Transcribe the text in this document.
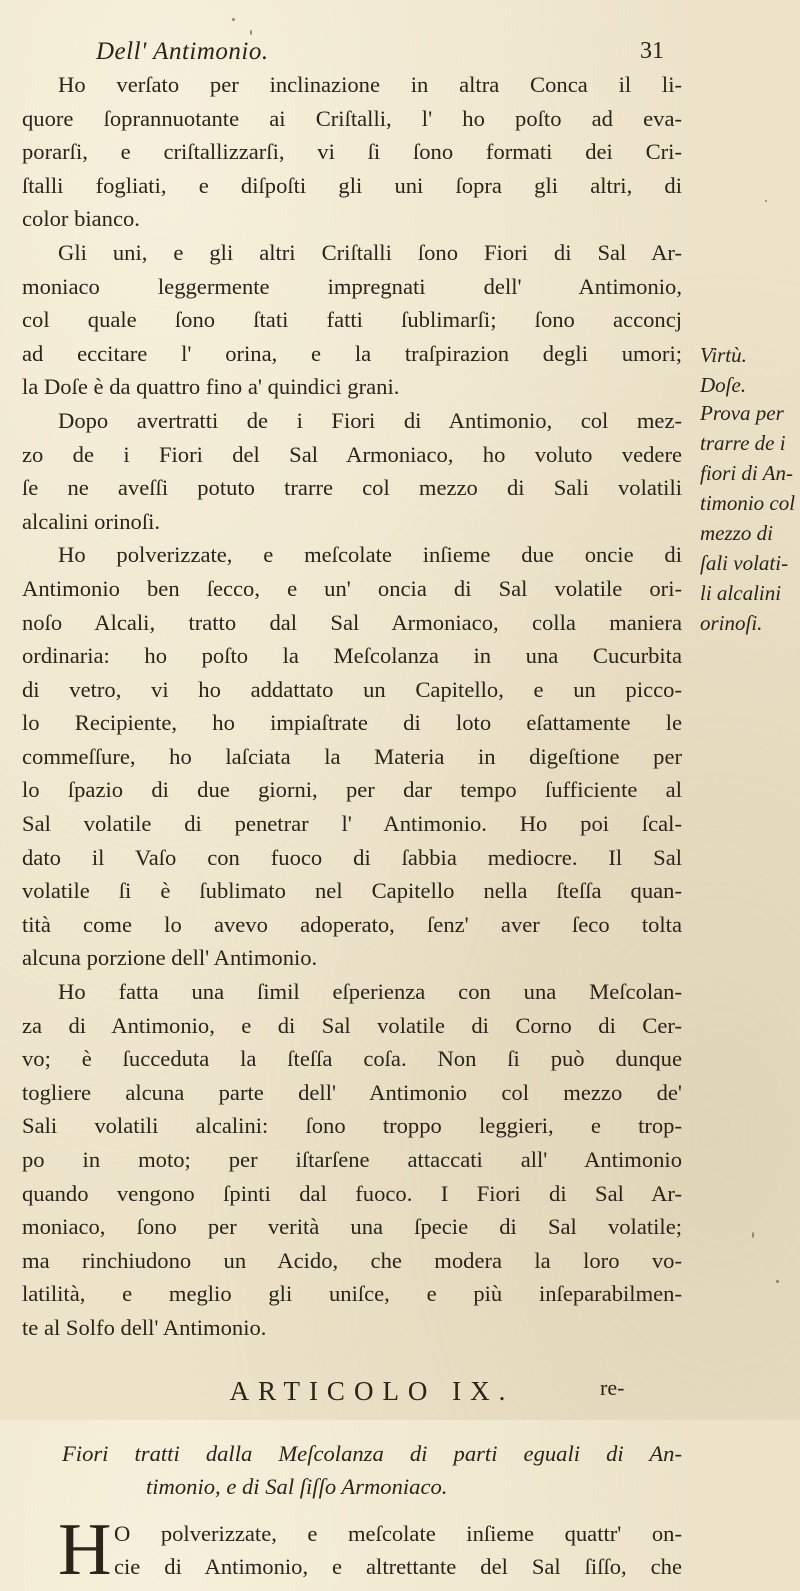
Dell' Antimonio.	31
Ho verſato per inclinazione in altra Conca il li-
quore ſoprannuotante ai Criſtalli, l' ho poſto ad eva-
porarſi, e criſtallizzarſi, vi ſi ſono formati dei Cri-
ſtalli fogliati, e diſpoſti gli uni ſopra gli altri, di
color bianco.
Gli uni, e gli altri Criſtalli ſono Fiori di Sal Ar-
moniaco leggermente impregnati dell' Antimonio,
col quale ſono ſtati fatti ſublimarſi; ſono acconcj
ad eccitare l' orina, e la traſpirazion degli umori;
la Doſe è da quattro fino a' quindici grani.
Dopo avertratti de i Fiori di Antimonio, col mez-
zo de i Fiori del Sal Armoniaco, ho voluto vedere
ſe ne aveſſi potuto trarre col mezzo di Sali volatili
alcalini orinoſi.
Ho polverizzate, e meſcolate inſieme due oncie di
Antimonio ben ſecco, e un' oncia di Sal volatile ori-
noſo Alcali, tratto dal Sal Armoniaco, colla maniera
ordinaria: ho poſto la Meſcolanza in una Cucurbita
di vetro, vi ho addattato un Capitello, e un picco-
lo Recipiente, ho impiaſtrate di loto eſattamente le
commeſſure, ho laſciata la Materia in digeſtione per
lo ſpazio di due giorni, per dar tempo ſufficiente al
Sal volatile di penetrar l' Antimonio. Ho poi ſcal-
dato il Vaſo con fuoco di ſabbia mediocre. Il Sal
volatile ſi è ſublimato nel Capitello nella ſteſſa quan-
tità come lo avevo adoperato, ſenz' aver ſeco tolta
alcuna porzione dell' Antimonio.
Ho fatta una ſimil eſperienza con una Meſcolan-
za di Antimonio, e di Sal volatile di Corno di Cer-
vo; è ſucceduta la ſteſſa coſa. Non ſi può dunque
togliere alcuna parte dell' Antimonio col mezzo de'
Sali volatili alcalini: ſono troppo leggieri, e trop-
po in moto; per iſtarſene attaccati all' Antimonio
quando vengono ſpinti dal fuoco. I Fiori di Sal Ar-
moniaco, ſono per verità una ſpecie di Sal volatile;
ma rinchiudono un Acido, che modera la loro vo-
latilità, e meglio gli uniſce, e più inſeparabilmen-
te al Solfo dell' Antimonio.
ARTICOLO IX.
Fiori tratti dalla Meſcolanza di parti eguali di An-
timonio, e di Sal ſiſſo Armoniaco.
H O polverizzate, e meſcolate inſieme quattr' on-
cie di Antimonio, e altrettante del Sal ſiſſo, che
re-
Virtù.
Doſe.
Prova per
trarre de i
fiori di An-
timonio col
mezzo di
ſali volati-
li alcalini
orinoſi.
